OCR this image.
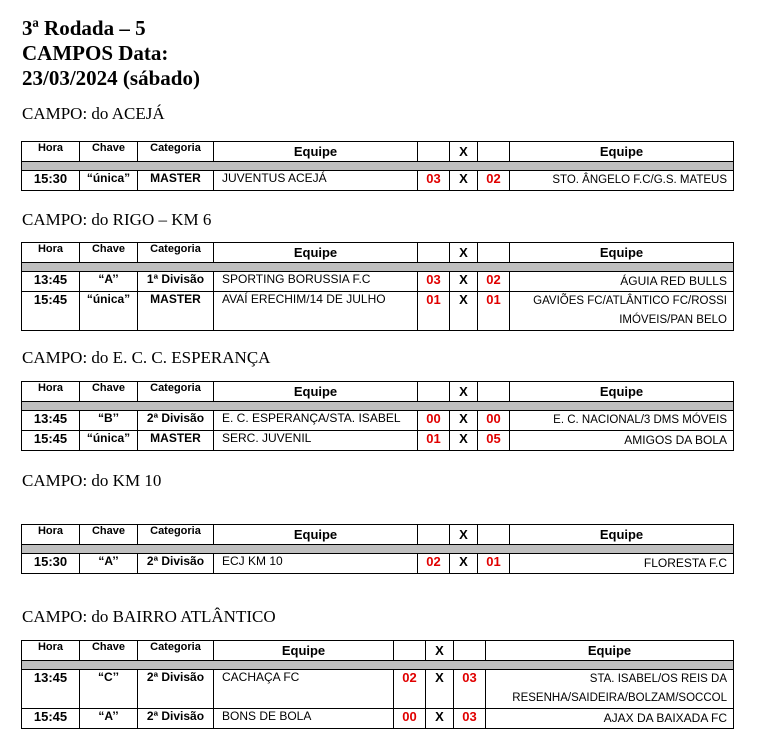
3ª Rodada – 5
CAMPOS Data:
23/03/2024 (sábado)
CAMPO: do ACEJÁ
Hora	Chave	Categoria	Equipe		X		Equipe

15:30	“única”	MASTER	JUVENTUS ACEJÁ	03	X	02	STO. ÂNGELO F.C/G.S. MATEUS
CAMPO: do RIGO – KM 6
Hora	Chave	Categoria	Equipe		X		Equipe

13:45	“A’’	1ª Divisão	SPORTING BORUSSIA F.C	03	X	02	ÁGUIA RED BULLS
15:45	“única”	MASTER	AVAÍ ERECHIM/14 DE JULHO	01	X	01	GAVIÕES FC/ATLÂNTICO FC/ROSSI IMÓVEIS/PAN BELO
CAMPO: do E. C. C. ESPERANÇA
Hora	Chave	Categoria	Equipe		X		Equipe

13:45	“B’’	2ª Divisão	E. C. ESPERANÇA/STA. ISABEL	00	X	00	E. C. NACIONAL/3 DMS MÓVEIS
15:45	“única”	MASTER	SERC. JUVENIL	01	X	05	AMIGOS DA BOLA
CAMPO: do KM 10
Hora	Chave	Categoria	Equipe		X		Equipe

15:30	“A’’	2ª Divisão	ECJ KM 10	02	X	01	FLORESTA F.C
CAMPO: do BAIRRO ATLÂNTICO
Hora	Chave	Categoria	Equipe		X		Equipe

13:45	“C’’	2ª Divisão	CACHAÇA FC	02	X	03	STA. ISABEL/OS REIS DA RESENHA/SAIDEIRA/BOLZAM/SOCCOL
15:45	“A’’	2ª Divisão	BONS DE BOLA	00	X	03	AJAX DA BAIXADA FC
